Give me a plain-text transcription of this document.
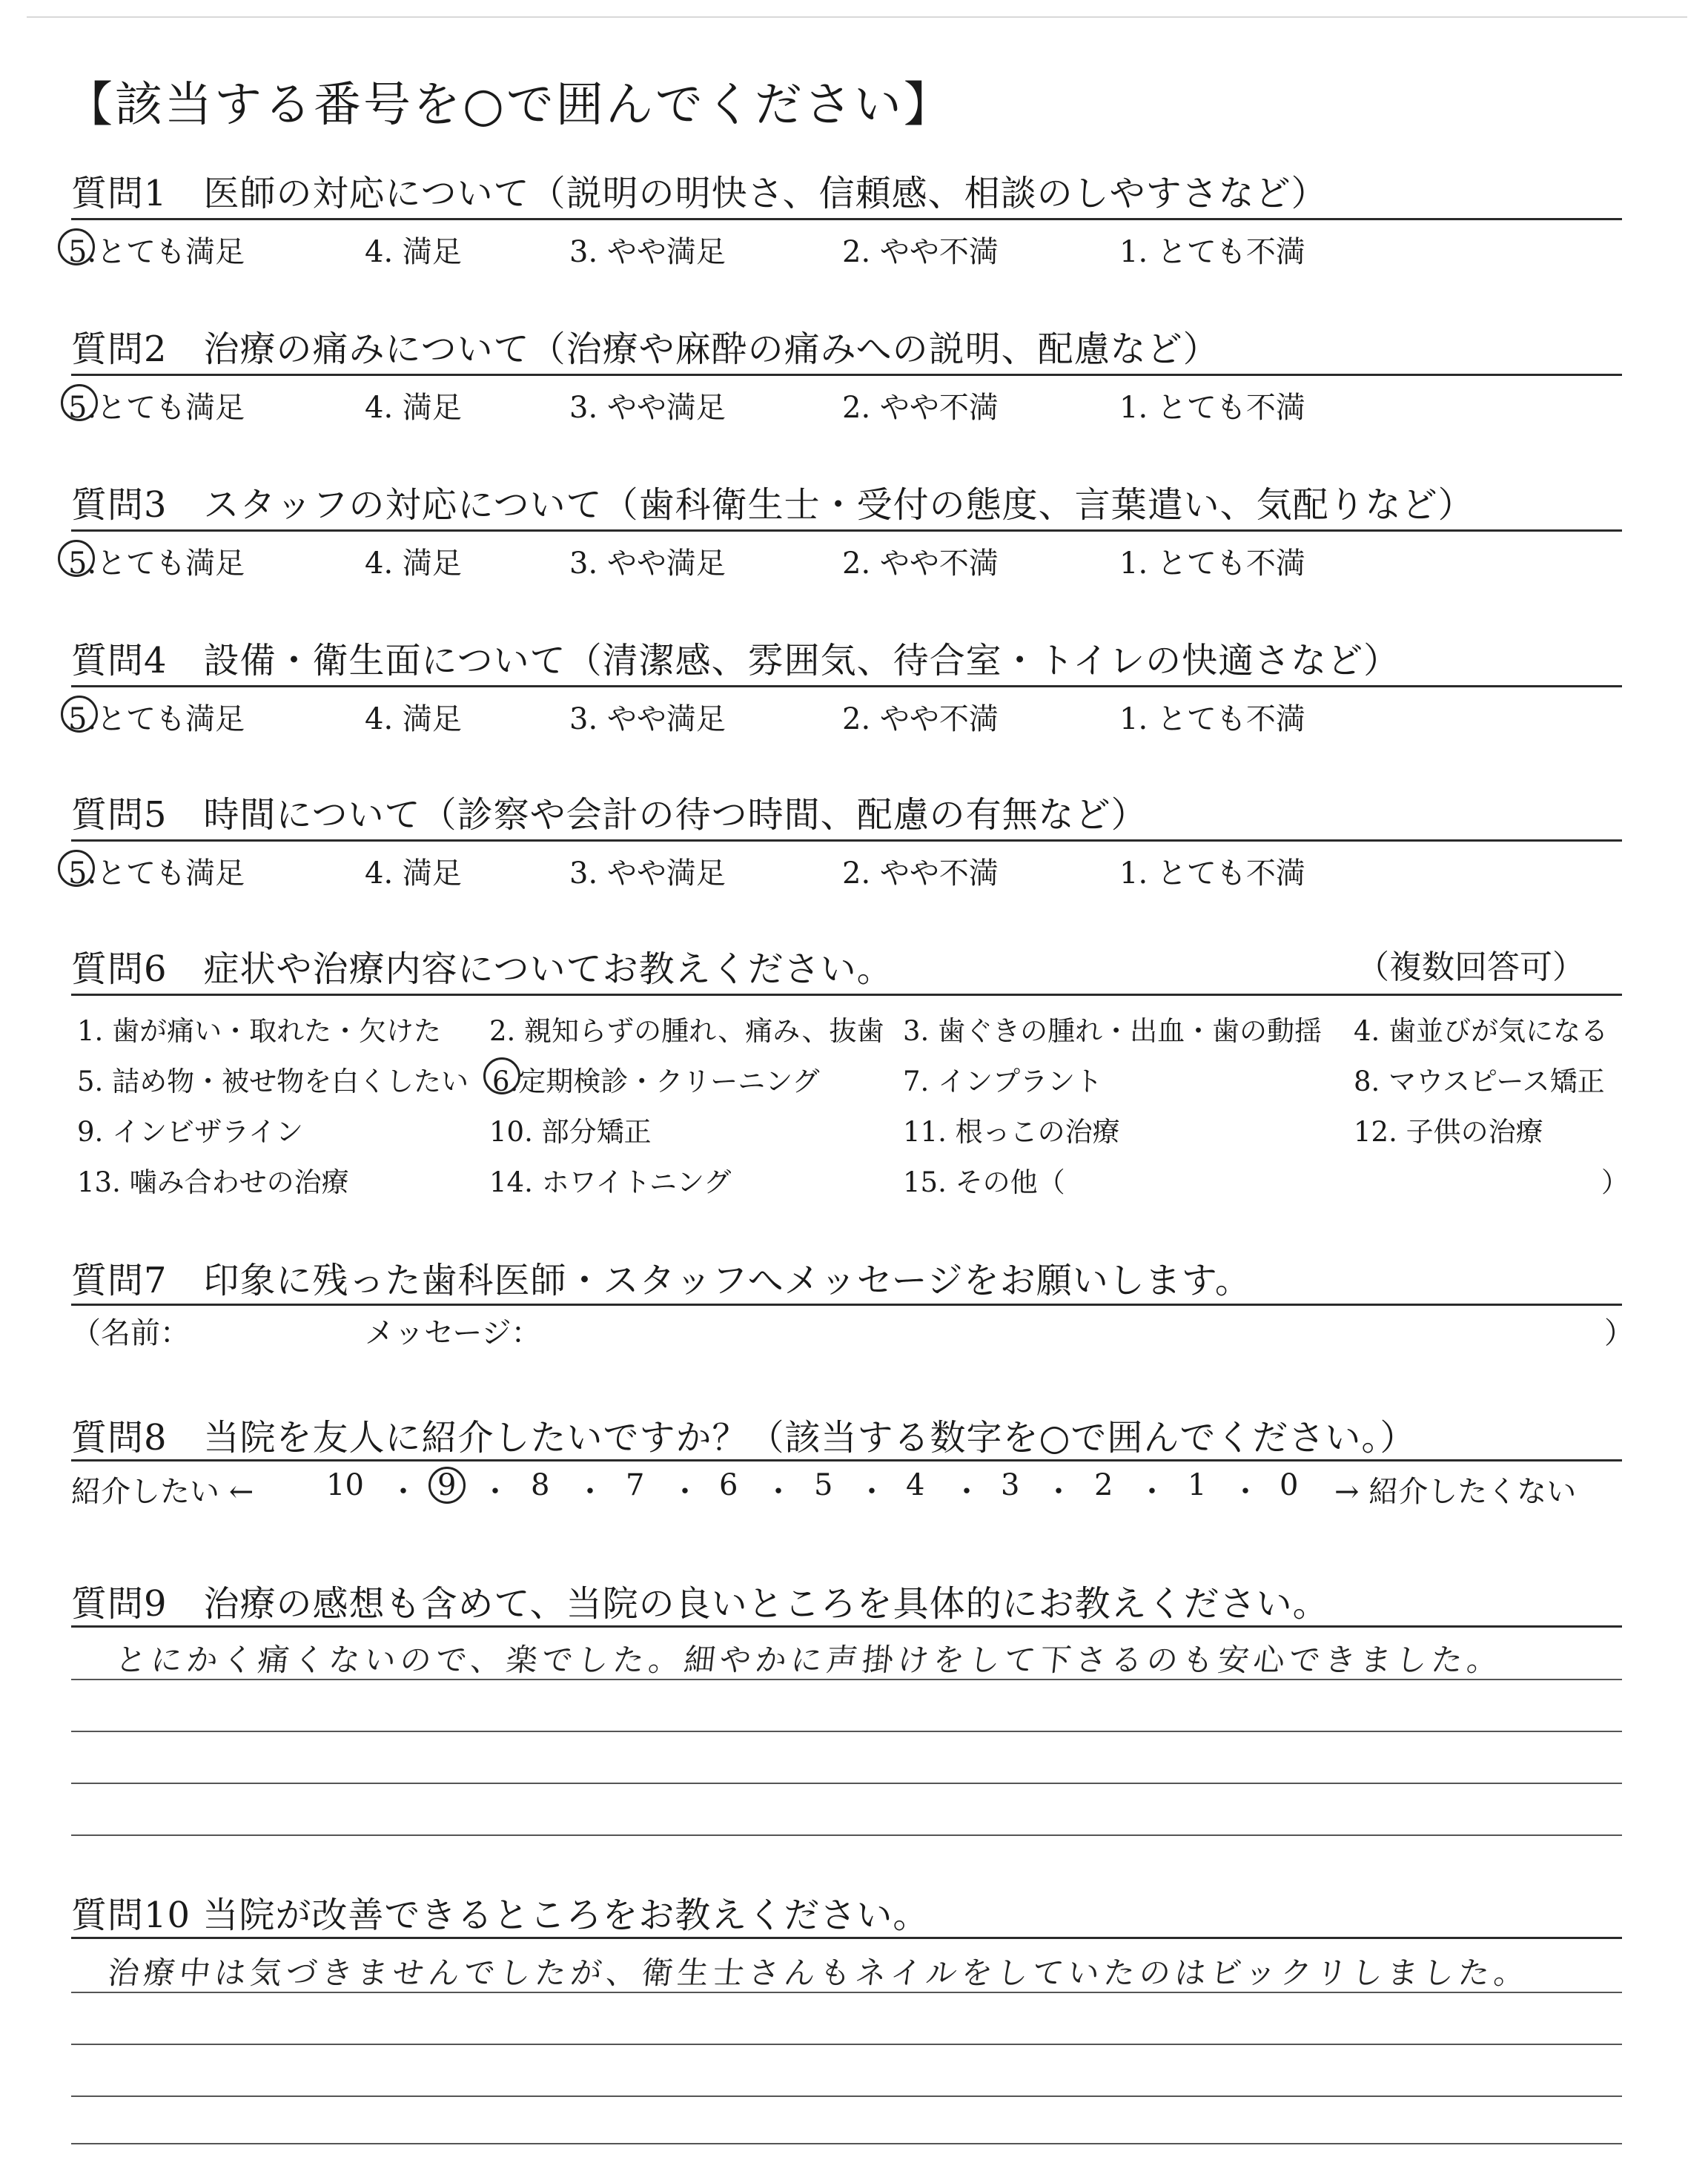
【該当する番号を○で囲んでください】
質問1　医師の対応について（説明の明快さ、信頼感、相談のしやすさなど）
5.とても満足	4. 満足	3. やや満足	2. やや不満	1. とても不満
質問2　治療の痛みについて（治療や麻酔の痛みへの説明、配慮など）
5.とても満足	4. 満足	3. やや満足	2. やや不満	1. とても不満
質問3　スタッフの対応について（歯科衛生士・受付の態度、言葉遣い、気配りなど）
5.とても満足	4. 満足	3. やや満足	2. やや不満	1. とても不満
質問4　設備・衛生面について（清潔感、雰囲気、待合室・トイレの快適さなど）
5.とても満足	4. 満足	3. やや満足	2. やや不満	1. とても不満
質問5　時間について（診察や会計の待つ時間、配慮の有無など）
5.とても満足	4. 満足	3. やや満足	2. やや不満	1. とても不満
質問6　症状や治療内容についてお教えください。	（複数回答可）
1. 歯が痛い・取れた・欠けた 2. 親知らずの腫れ、痛み、抜歯 3. 歯ぐきの腫れ・出血・歯の動揺 4. 歯並びが気になる
5. 詰め物・被せ物を白くしたい 6.定期検診・クリーニング	7. インプラント	8. マウスピース矯正
9. インビザライン	10. 部分矯正	11. 根っこの治療	12. 子供の治療
13. 噛み合わせの治療	14. ホワイトニング	15. その他（	）
質問7　印象に残った歯科医師・スタッフへメッセージをお願いします。
（名前：	メッセージ：	）
質問8　当院を友人に紹介したいですか？（該当する数字を○で囲んでください。）
紹介したい ← 10 ・ 9 ・ 8 ・ 7 ・ 6 ・ 5 ・ 4 ・ 3 ・ 2 ・ 1 ・ 0 → 紹介したくない
質問9　治療の感想も含めて、当院の良いところを具体的にお教えください。
とにかく痛くないので、楽でした。細やかに声掛けをして下さるのも安心できました。
質問10 当院が改善できるところをお教えください。
治療中は気づきませんでしたが、衛生士さんもネイルをしていたのはビックリしました。
